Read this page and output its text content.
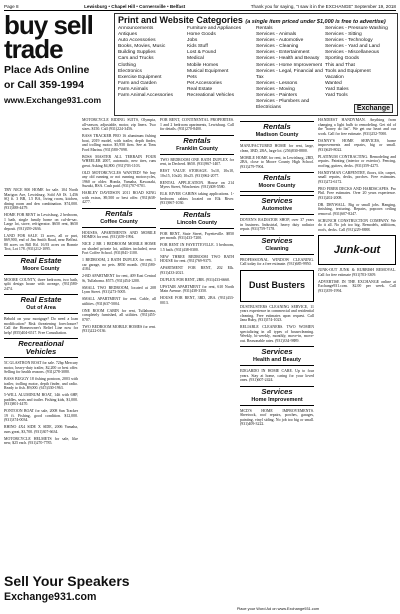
Page 8	Lewisburg • Chapel Hill • Cornersville • Belfast	Thank you for saying, "I saw it in the EXCHANGE" September 19, 2018
buy sell
trade
Place Ads Online
or Call 359-1994
www.Exchange931.com
Print and Website Categories (a single item priced under $1,000 is free to advertise)
Announcements
Antiques
Auto Accessories
Books, Movies, Music
Building Supplies
Cars and Trucks
Clothing
Electronics
Exercise Equipment
Farm and Garden
Farm Animals
Farm Animal Accessories
Furniture and Appliances
Home Goods
Jobs
Kids Stuff
Lost & Found
Medical
Mobile Homes
Musical Equipment
Pets
Pet Accessories
Real Estate
Recreational Vehicles
Rentals
Services - Animals
Services - Automotive
Services - Cleaning
Services - Entertainment
Services - Health and Beauty
Services - Home Improvement
Services - Legal, Financial and Tax
Services - Lessons
Services - Moving
Services - Painters
Services - Plumbers and Electricians
Services - Pressure Washing
Services - Sitting
Services - Technology
Services - Yard and Land
Services - Miscellaneous
Sporting Goods
This and That
Tools and Equipment
Vacation
Wanted
Yard Sales
Yard Tools
Exchange

TRY NICE 800 HOME for sale. 104 North Marigon Ave, Lewisburg. Sold AS IS. 1,456 SQ ft. 3 BR, 1.5 BA, living room, kitchen, dining room and den combination. $74,000. (931)388-4479.

HOME FOR RENT in Lewisburg, 2 bedroom, 1 bath, single family home on cul-de-sac. Large lot, stove, refrigerator. $650 rent, $650 deposit. (931)359-2636.

LAND FOR SALE 13 acres, all or part, $69,900, end of Jim Smith Road, near Belfast. 80 acres on Bill Rd. 16.93 acres on Bonnie Trot, Lot 178. (931)212-1095.

Real Estate
Moore County

MOORE COUNTY, three bedroom, two bath, split design house with acreage, (931)580-2474.

Real Estate
Out of Area

Behold on your mortgage? Do need a loan modification? Risk threatening foreclosure? Call the Homeowner's Relief Line now for help! (855)404-6517. Free Consultation.

Recreational Vehicles

5C GLASTRON BOAT for sale. 72hp Mercury motor, heavy-duty trailer, $2,200 or best offer. Selling for health reasons. (931)278-3080.

BASS BUGGY 18 fishing pontoon, 2003 with trailer, trolling motor, depth finder, and radio. Ready to fish. $9,000. (615)330-1963.

5-WILL ALUMINUM BOAT, 14ft with 6HP, paddles, seats and trailer. Fishing kids, $1,000. (931)801-4470.

PONTOON BOAT for sale, 2008 Sun Tracker 19 ft. Fishing, good condition. $12,000. (931)374-0034.

RHINO 4X4 SIDE X SIDE, 2006 Yamaha, runs great, $3,700. (931)307-6634.

MOTORCYCLE HELMETS for sale, like new, $25 each. (931)270-7785.

MOTORCYCLE RIDING SUITS, Olympia, all-season, adjustable, motor, zip liners. Two sizes. $150. Call (931)224-3456.

BASS TRACKER PRO 16 aluminum fishing boat, 2019 model, with trailer, depth finder, and trolling motor. $5,950 firm. See at Tims Ford Marina. (931)580-7098.

BOSS MASTER ALL TERRAIN FOUR WHEELER 2007, automatic, new tires, runs great. Asking $4,800. (931)703-1103.

OLD MOTORCYCLES WANTED! We buy any old running or not running motorcycles, 1960 or older. Honda, Yamaha, Kawasaki, Suzuki, BSA. Cash paid. (931)707-0701.

HARLEY DAVIDSON 2011 ROAD KING with extras, $9,500 or best offer. (931)638-4277.

Rentals
Coffee County

HOUSES, APARTMENTS AND MOBILE HOMES for rent. (931)359-1994.

NICE 2 BR 1 BEDROOM MOBILE HOME on shaded private lot, utilities included, near Fort Coffee School. (931)841-1100.

1 BEDROOM, 2 BATH DUPLEX for rent, 1 car garage, no pets. $850 month. (931)580-4184.

2-BD APARTMENT for rent, 409 East Central St, Tullahoma. $575. (931)454-1200.

SMALL TWO BEDROOM, located at 208 Lynn Street. (931)273-5005.

SMALL APARTMENT for rent. Cable, all utilities. (931)637-5004.

ONE ROOM CABIN for rent, Tullahoma, completely furnished, all utilities. (931)455-0707.

TWO BEDROOM MOBILE HOMES for rent. (931)222-0136.

FOR RENT, CONTINENTAL PROPERTIES. 1 and 2 bedroom apartments, Lewisburg. Call for details. (931)270-8400.

Rentals
Franklin County

TWO BEDROOM ONE BATH DUPLEX for rent, in Decherd. $650. (931)967-1407.

REST VALUE STORAGE. 5x10, 10x10, 10x15, 10x20, 10x25. (931)962-2077.

RENTAL APPLICATION. House on 214 Myers Street, Winchester. (931)308-5580.

ELK RIVER CABINS taking applications. 1-bedroom cabins located on Elk River. (931)967-1030.

Rentals
Lincoln County

FOR RENT, State Street, Fayetteville. $850 per month. (931)433-7200.

FOR RENT IN FAYETTEVILLE. 3 bedroom, 1.5 bath. (931)438-0300.

NEW THREE BEDROOM TWO BATH HOUSE for rent. (931)769-9375.

APARTMENT FOR RENT, 202 Elk. (931)433-2021.

DUPLEX FOR RENT, 2BR. (931)433-6660.

UPSTAIR APARTMENT for rent, 610 North Main Avenue. (931)438-3350.

HOUSE FOR RENT, 3BD, 2BA. (931)433-0013.

Rentals
Madison County

MANUFACTURED HOME for rent, large, clean, 3BD, 2BA, large lot. (256)830-8800.

MOBILE HOME for rent, in Lewisburg, 2BD, 2BA, close to Moore County High School. (931)279-7904.

Rentals
Moore County
Services
Automotive

DOYEN'S RADIATOR SHOP, over 37 years in business. Industrial, heavy duty radiator repair. (931)759-7178.

Services
Cleaning

PROFESSIONAL WINDOW CLEANING. Call today for a free estimate. (931)685-9950.

Dust Busters

DUSTBUSTERS CLEANING SERVICE, 11 years experience in commercial and residential cleaning. Free estimates upon request. Call Jana Ruby, (931)574-1023.

RELIABLE CLEANERS. TWO WOMEN specializing in all types of housecleaning. Weekly, bi-weekly, monthly, move-in, move-out. Reasonable rates. (931)334-9889.

Services
Health and Beauty

EDGARDO IN HOME CARE. Up to four years. Stay at home, caring for your loved ones. (931)607-2424.

Services
Home Improvement

MCD'S HOME IMPROVEMENTS. Sheetrock, roof repairs, porches, garages, painting, vinyl siding. No job too big or small. (931)409-3222.

HANDIEST HANDYMAN. Anything from changing a light bulb to remodeling. Get rid of the "honey do list". We get our heart and our work. Call for free estimate. (931)252-7000.

DANNY'S HOME SERVICES, home improvements and repairs, big or small. (931)629-8022.

PLATINUM CONTRACTING. Remodeling and repairs. Painting (interior or exterior). Fencing, roofing, gutters, decks. (931)359-4275.

HANDYMAN CARPENTRY, floors, tile, carpet, small repairs, decks, porches. Free estimates. (931)272-6172.

PRO FIBER DECKS AND HARDSCAPES. Pro Phil. Free estimates. Over 20 years experience. (931)202-2008.

DR. DRYWALL. Big or small jobs. Hanging, finishing, texturing. Repairs, popcorn ceiling removal. (931)607-8247.

SCRUNCH CONSTRUCTION COMPANY. We do it all. No job too big. Remodels, additions, roofs, decks. Call (931)229-8888.

Junk-out

JUNK-OUT JUNK & RUBBISH REMOVAL. Call for free estimate (931)703-3309.

ADVERTISE IN THE EXCHANGE online at Exchange931.com. $2.00 per week. Call (931)359-1994.

Sell Your Speakers
Exchange931.com
Place your Word Ad on www.Exchange931.com
